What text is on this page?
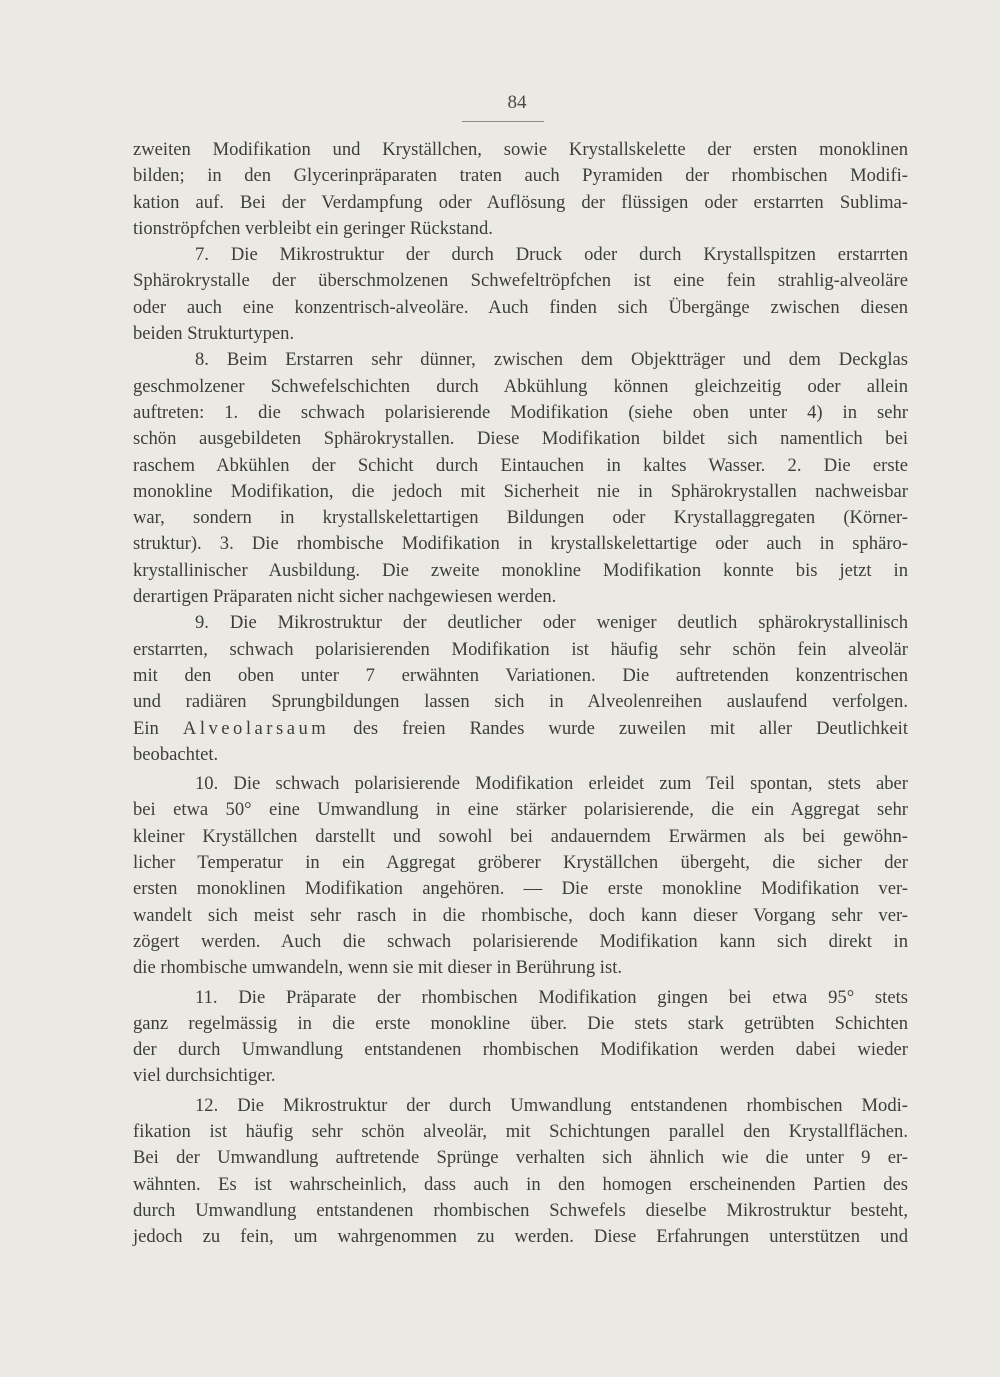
84
zweiten Modifikation und Kryställchen, sowie Krystallskelette der ersten monoklinen
bilden; in den Glycerinpräparaten traten auch Pyramiden der rhombischen Modifi-
kation auf. Bei der Verdampfung oder Auflösung der flüssigen oder erstarrten Sublima-
tionströpfchen verbleibt ein geringer Rückstand.
7. Die Mikrostruktur der durch Druck oder durch Krystallspitzen erstarrten
Sphärokrystalle der überschmolzenen Schwefeltröpfchen ist eine fein strahlig-alveoläre
oder auch eine konzentrisch-alveoläre. Auch finden sich Übergänge zwischen diesen
beiden Strukturtypen.
8. Beim Erstarren sehr dünner, zwischen dem Objektträger und dem Deckglas
geschmolzener Schwefelschichten durch Abkühlung können gleichzeitig oder allein
auftreten: 1. die schwach polarisierende Modifikation (siehe oben unter 4) in sehr
schön ausgebildeten Sphärokrystallen. Diese Modifikation bildet sich namentlich bei
raschem Abkühlen der Schicht durch Eintauchen in kaltes Wasser. 2. Die erste
monokline Modifikation, die jedoch mit Sicherheit nie in Sphärokrystallen nachweisbar
war, sondern in krystallskelettartigen Bildungen oder Krystallaggregaten (Körner-
struktur). 3. Die rhombische Modifikation in krystallskelettartige oder auch in sphäro-
krystallinischer Ausbildung. Die zweite monokline Modifikation konnte bis jetzt in
derartigen Präparaten nicht sicher nachgewiesen werden.
9. Die Mikrostruktur der deutlicher oder weniger deutlich sphärokrystallinisch
erstarrten, schwach polarisierenden Modifikation ist häufig sehr schön fein alveolär
mit den oben unter 7 erwähnten Variationen. Die auftretenden konzentrischen
und radiären Sprungbildungen lassen sich in Alveolenreihen auslaufend verfolgen.
Ein Alveolarsaum des freien Randes wurde zuweilen mit aller Deutlichkeit
beobachtet.
10. Die schwach polarisierende Modifikation erleidet zum Teil spontan, stets aber
bei etwa 50° eine Umwandlung in eine stärker polarisierende, die ein Aggregat sehr
kleiner Kryställchen darstellt und sowohl bei andauerndem Erwärmen als bei gewöhn-
licher Temperatur in ein Aggregat gröberer Kryställchen übergeht, die sicher der
ersten monoklinen Modifikation angehören. — Die erste monokline Modifikation ver-
wandelt sich meist sehr rasch in die rhombische, doch kann dieser Vorgang sehr ver-
zögert werden. Auch die schwach polarisierende Modifikation kann sich direkt in
die rhombische umwandeln, wenn sie mit dieser in Berührung ist.
11. Die Präparate der rhombischen Modifikation gingen bei etwa 95° stets
ganz regelmässig in die erste monokline über. Die stets stark getrübten Schichten
der durch Umwandlung entstandenen rhombischen Modifikation werden dabei wieder
viel durchsichtiger.
12. Die Mikrostruktur der durch Umwandlung entstandenen rhombischen Modi-
fikation ist häufig sehr schön alveolär, mit Schichtungen parallel den Krystallflächen.
Bei der Umwandlung auftretende Sprünge verhalten sich ähnlich wie die unter 9 er-
wähnten. Es ist wahrscheinlich, dass auch in den homogen erscheinenden Partien des
durch Umwandlung entstandenen rhombischen Schwefels dieselbe Mikrostruktur besteht,
jedoch zu fein, um wahrgenommen zu werden. Diese Erfahrungen unterstützen und
